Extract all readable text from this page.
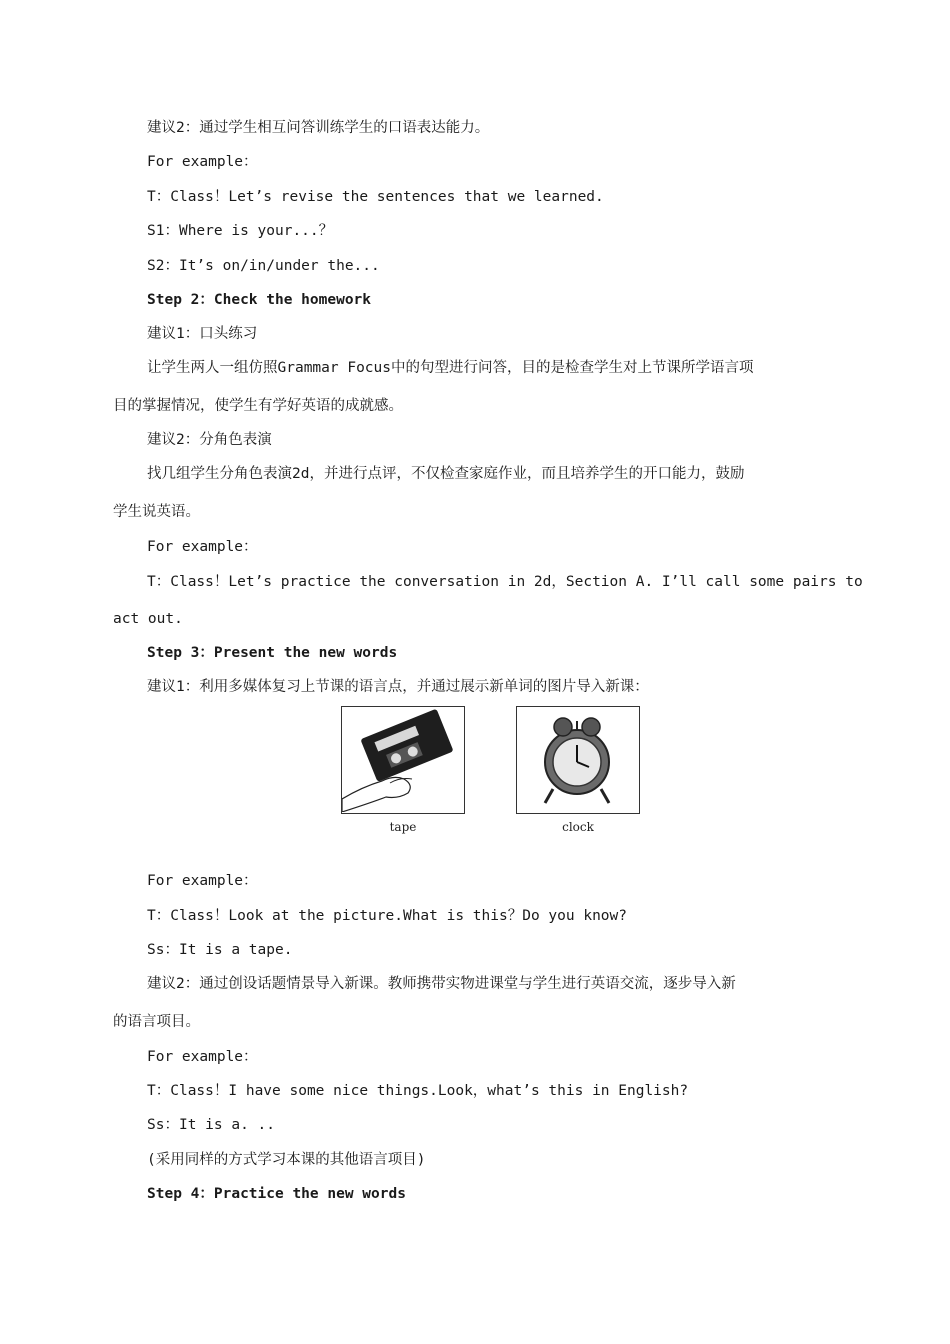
建议2：通过学生相互问答训练学生的口语表达能力。

For example：

T：Class！Let’s revise the sentences that we learned.

S1：Where is your...？

S2：It’s on/in/under the...

Step 2：Check the homework

建议1：口头练习

让学生两人一组仿照Grammar Focus中的句型进行问答，目的是检查学生对上节课所学语言项

目的掌握情况，使学生有学好英语的成就感。

建议2：分角色表演

找几组学生分角色表演2d，并进行点评，不仅检查家庭作业，而且培养学生的开口能力，鼓励

学生说英语。

For example：

T：Class！Let’s practice the conversation in 2d，Section A. I’ll call some pairs to

act out.

Step 3：Present the new words

建议1：利用多媒体复习上节课的语言点，并通过展示新单词的图片导入新课：

tape	clock

For example：

T：Class！Look at the picture.What is this？Do you know?

Ss：It is a tape.

建议2：通过创设话题情景导入新课。教师携带实物进课堂与学生进行英语交流，逐步导入新

的语言项目。

For example：

T：Class！I have some nice things.Look，what’s this in English?

Ss：It is a. ..

(采用同样的方式学习本课的其他语言项目)

Step 4：Practice the new words
